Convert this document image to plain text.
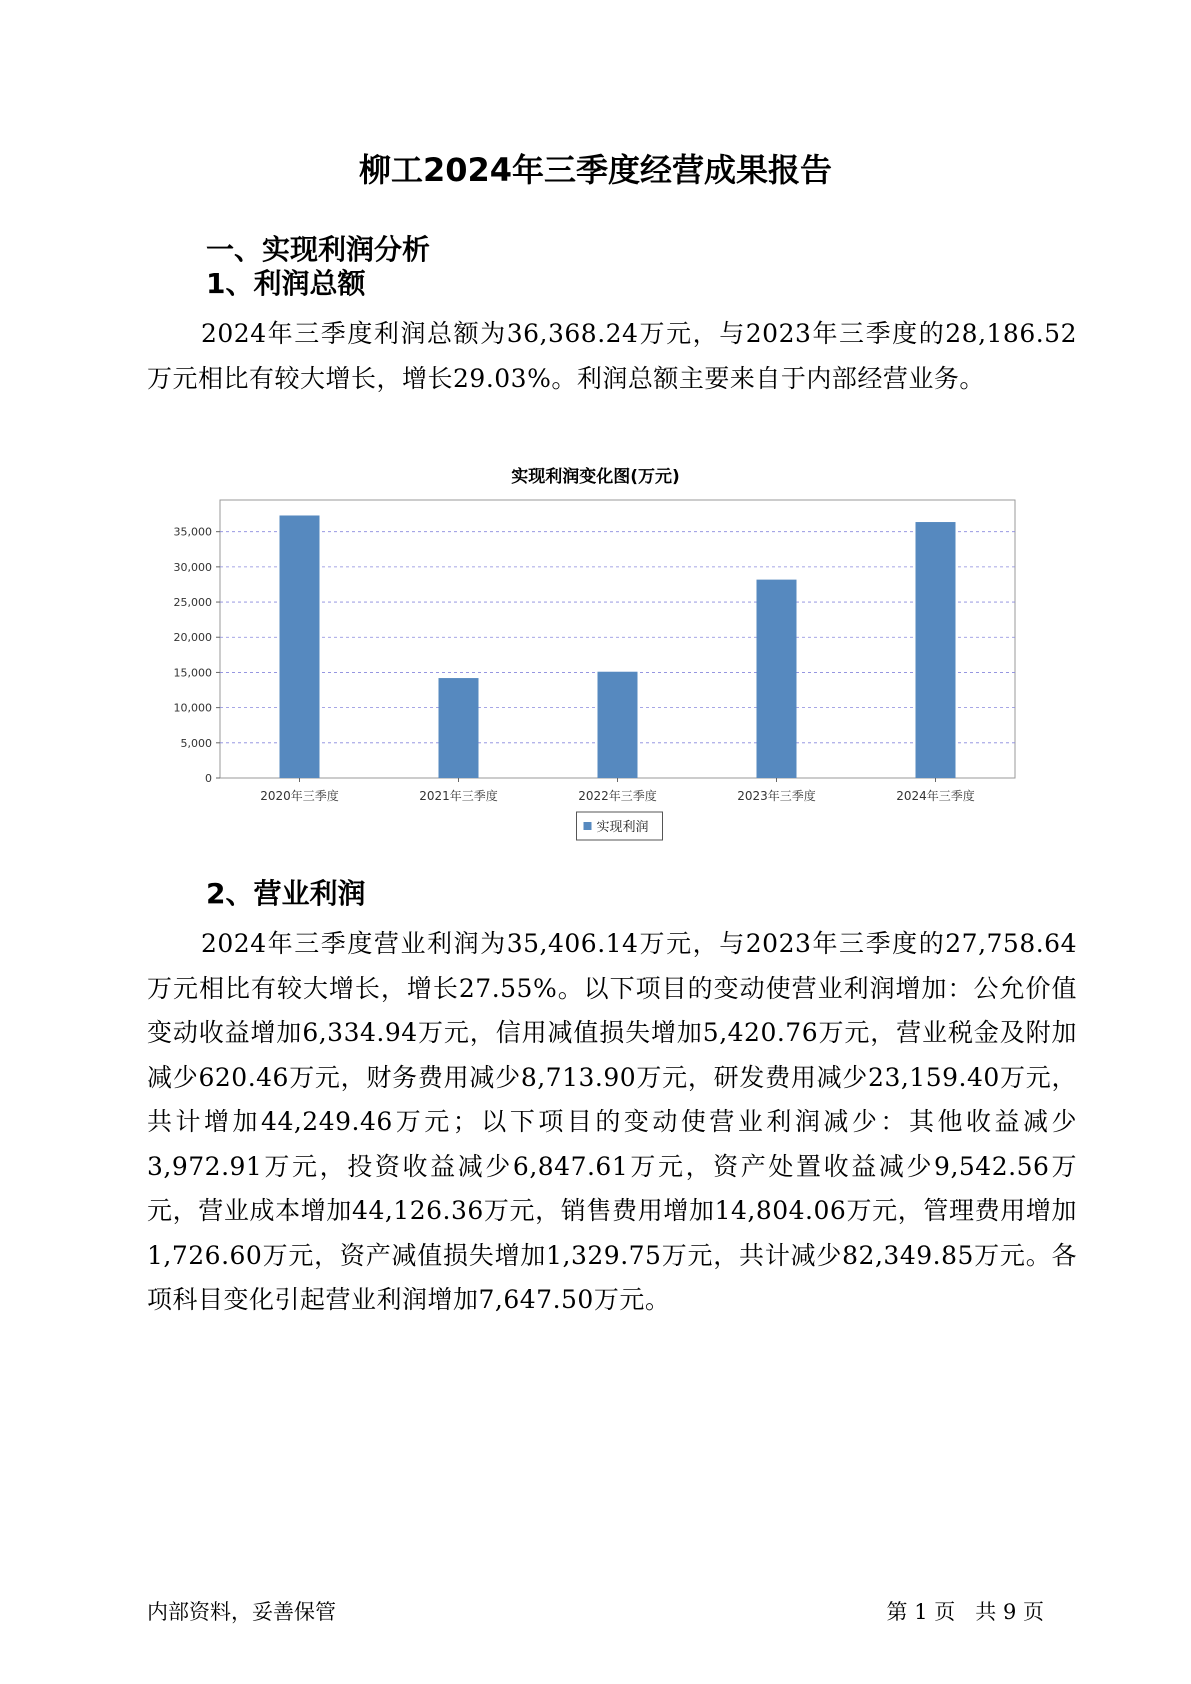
柳工2024年三季度经营成果报告
一、实现利润分析
1、利润总额

2024年三季度利润总额为36,368.24万元，与2023年三季度的28,186.52万元相比有较大增长，增长29.03%。利润总额主要来自于内部经营业务。

实现利润变化图(万元)
0
5,000
10,000
15,000
20,000
25,000
30,000
35,000
2020年三季度	2021年三季度	2022年三季度	2023年三季度	2024年三季度
实现利润
2、营业利润

2024年三季度营业利润为35,406.14万元，与2023年三季度的27,758.64万元相比有较大增长，增长27.55%。以下项目的变动使营业利润增加：公允价值变动收益增加6,334.94万元，信用减值损失增加5,420.76万元，营业税金及附加减少620.46万元，财务费用减少8,713.90万元，研发费用减少23,159.40万元，共计增加44,249.46万元；以下项目的变动使营业利润减少：其他收益减少3,972.91万元，投资收益减少6,847.61万元，资产处置收益减少9,542.56万元，营业成本增加44,126.36万元，销售费用增加14,804.06万元，管理费用增加1,726.60万元，资产减值损失增加1,329.75万元，共计减少82,349.85万元。各项科目变化引起营业利润增加7,647.50万元。

内部资料，妥善保管	第 1 页   共 9 页
